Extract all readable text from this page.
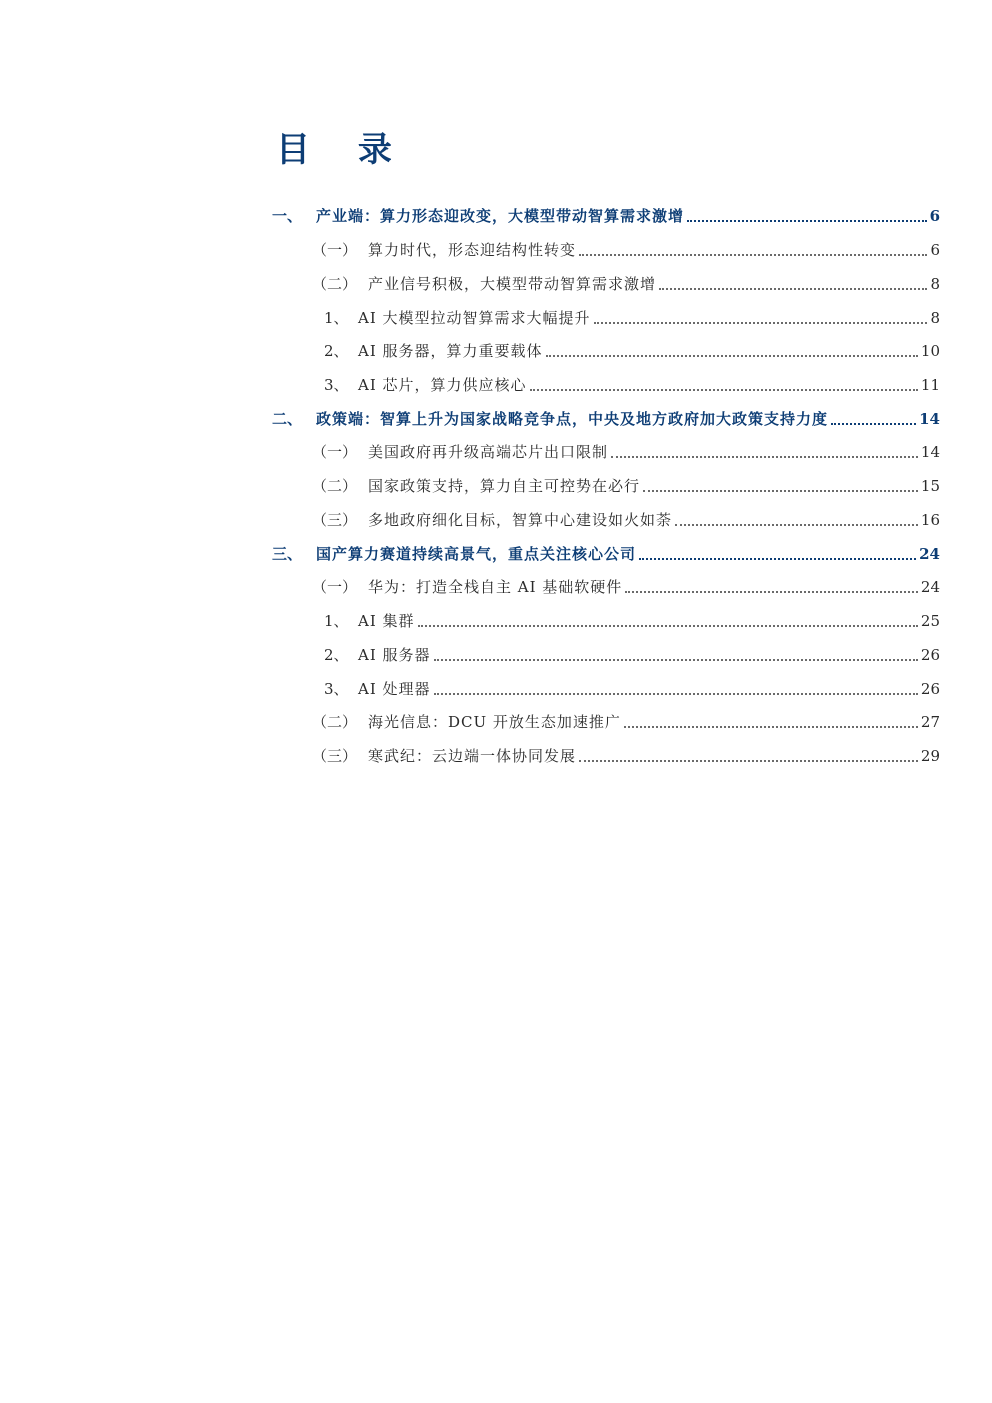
目 录
一、 产业端：算力形态迎改变，大模型带动智算需求激增	6
（一） 算力时代，形态迎结构性转变	6
（二） 产业信号积极，大模型带动智算需求激增	8
1、 AI 大模型拉动智算需求大幅提升	8
2、 AI 服务器，算力重要载体	10
3、 AI 芯片，算力供应核心	11
二、 政策端：智算上升为国家战略竞争点，中央及地方政府加大政策支持力度	14
（一） 美国政府再升级高端芯片出口限制	14
（二） 国家政策支持，算力自主可控势在必行	15
（三） 多地政府细化目标，智算中心建设如火如荼	16
三、 国产算力赛道持续高景气，重点关注核心公司	24
（一） 华为：打造全栈自主 AI 基础软硬件	24
1、 AI 集群	25
2、 AI 服务器	26
3、 AI 处理器	26
（二） 海光信息：DCU 开放生态加速推广	27
（三） 寒武纪：云边端一体协同发展	29
